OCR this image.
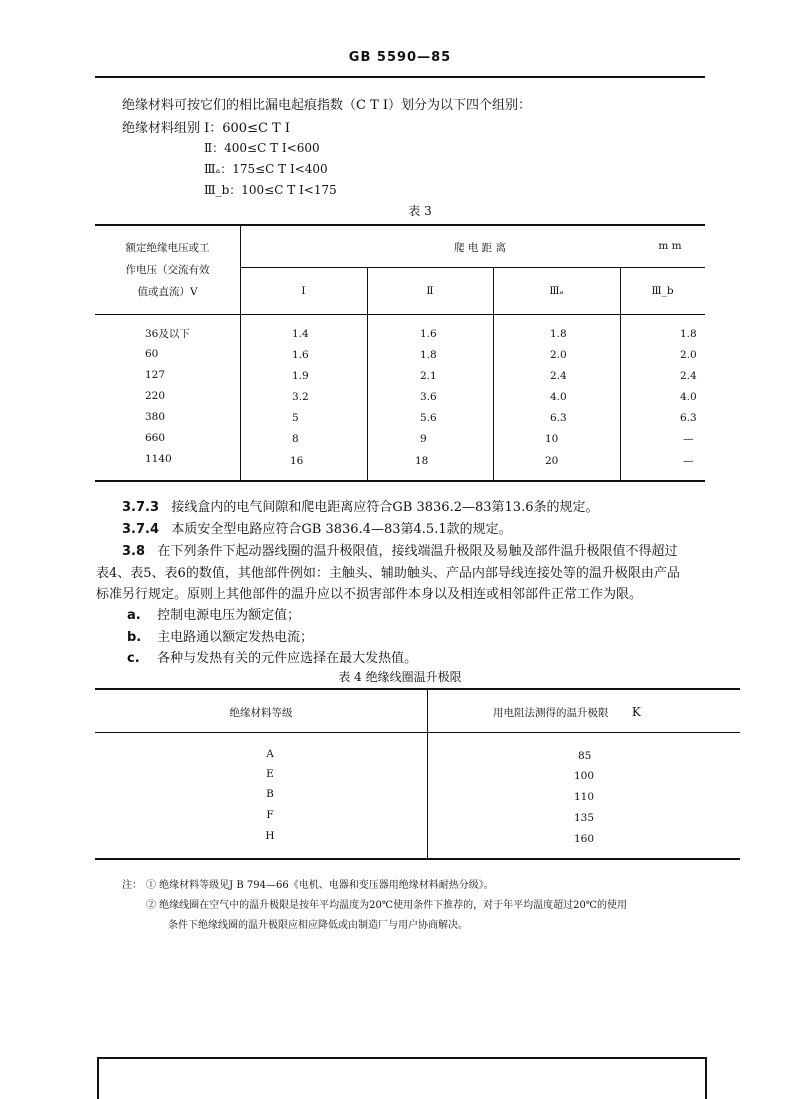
GB 5590—85
绝缘材料可按它们的相比漏电起痕指数（C T I）划分为以下四个组别：
绝缘材料组别 Ⅰ：600≤C T I
Ⅱ：400≤C T I<600
Ⅲₐ：175≤C T I<400
Ⅲ_b：100≤C T I<175
表 3
额定绝缘电压或工
作电压（交流有效
值或直流）V
爬 电 距 离	m m
Ⅰ	Ⅱ	Ⅲₐ	Ⅲ_b
36及以下	1.4	1.6	1.8	1.8
60	1.6	1.8	2.0	2.0
127	1.9	2.1	2.4	2.4
220	3.2	3.6	4.0	4.0
380	5	5.6	6.3	6.3
660	8	9	10	—
1140	16	18	20	—
3.7.3 接线盒内的电气间隙和爬电距离应符合GB 3836.2—83第13.6条的规定。
3.7.4 本质安全型电路应符合GB 3836.4—83第4.5.1款的规定。
3.8 在下列条件下起动器线圈的温升极限值，接线端温升极限及易触及部件温升极限值不得超过
表4、表5、表6的数值，其他部件例如：主触头、辅助触头、产品内部导线连接处等的温升极限由产品
标准另行规定。原则上其他部件的温升应以不损害部件本身以及相连或相邻部件正常工作为限。
a. 控制电源电压为额定值；
b. 主电路通以额定发热电流；
c. 各种与发热有关的元件应选择在最大发热值。
表 4 绝缘线圈温升极限
绝缘材料等级	用电阻法测得的温升极限 K
A	85
E	100
B	110
F	135
H	160
注： ① 绝缘材料等级见J B 794—66《电机、电器和变压器用绝缘材料耐热分级》。
② 绝缘线圈在空气中的温升极限是按年平均温度为20℃使用条件下推荐的，对于年平均温度超过20℃的使用
条件下绝缘线圈的温升极限应相应降低或由制造厂与用户协商解决。
